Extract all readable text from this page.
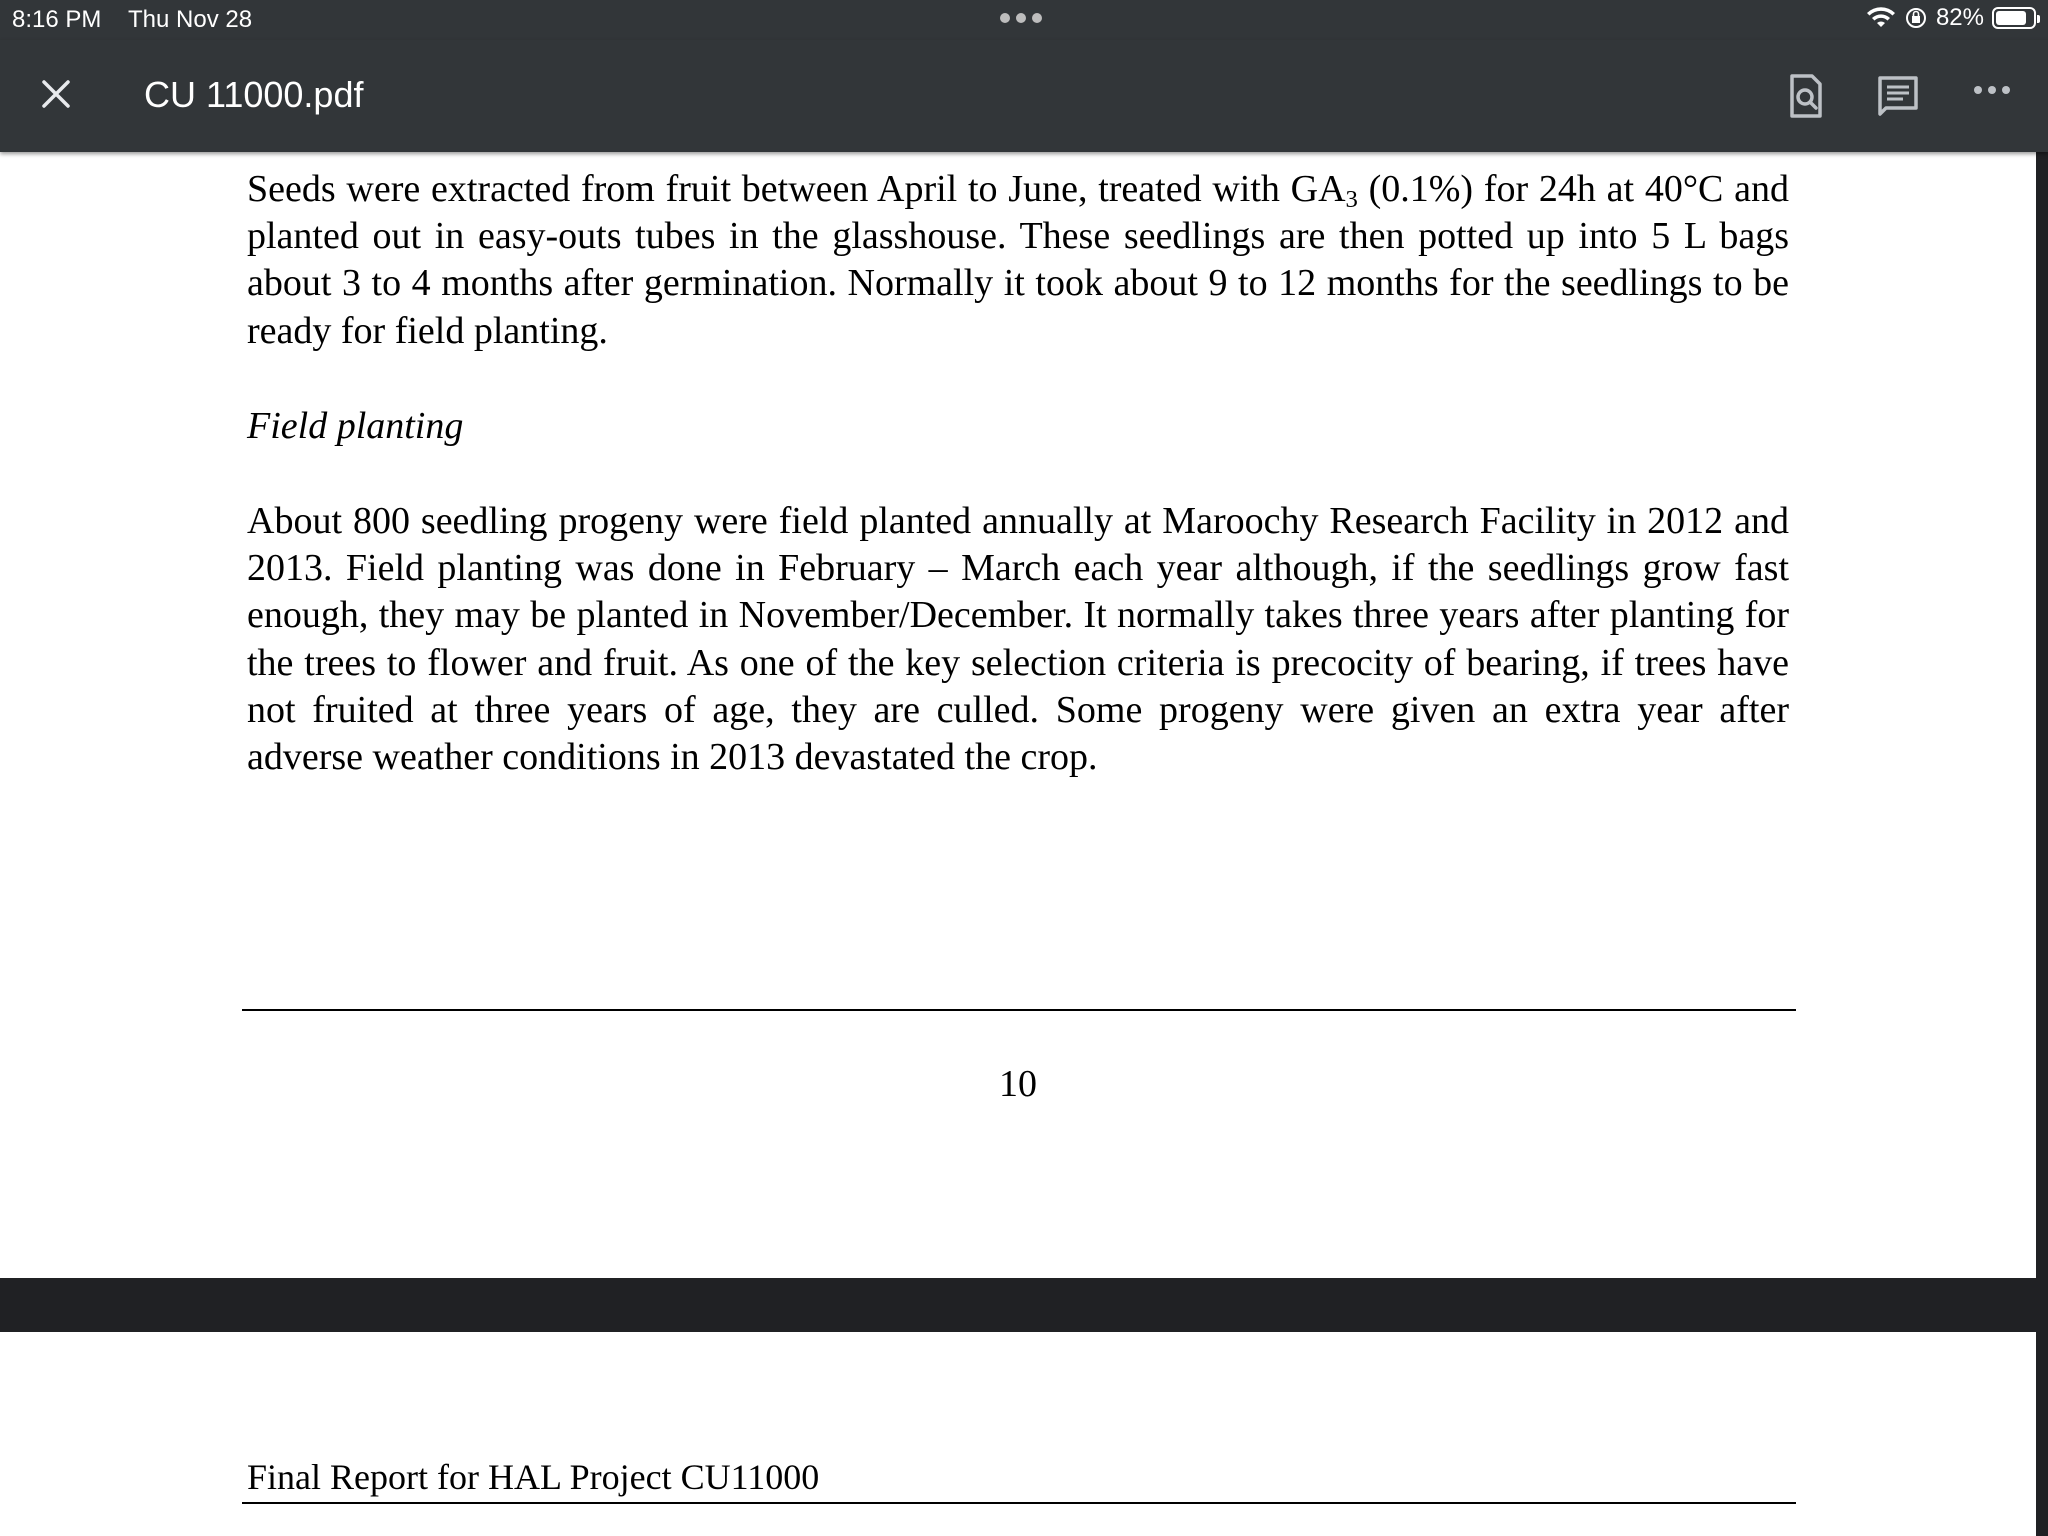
8:16 PM Thu Nov 28	82%
CU 11000.pdf

Seeds were extracted from fruit between April to June, treated with $GA_3$ (0.1%) for 24h at 40°C and planted out in easy-outs tubes in the glasshouse. These seedlings are then potted up into 5 L bags about 3 to 4 months after germination. Normally it took about 9 to 12 months for the seedlings to be ready for field planting.

Field planting

About 800 seedling progeny were field planted annually at Maroochy Research Facility in 2012 and 2013. Field planting was done in February – March each year although, if the seedlings grow fast enough, they may be planted in November/December. It normally takes three years after planting for the trees to flower and fruit. As one of the key selection criteria is precocity of bearing, if trees have not fruited at three years of age, they are culled. Some progeny were given an extra year after adverse weather conditions in 2013 devastated the crop.

10
Final Report for HAL Project CU11000
